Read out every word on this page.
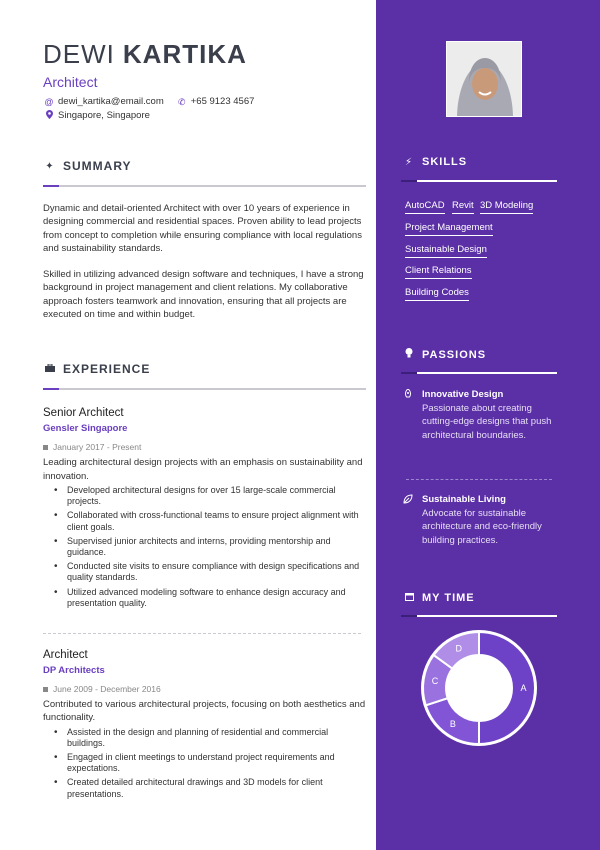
DEWI KARTIKA
Architect
@ dewi_kartika@email.com ✆ +65 9123 4567
Singapore, Singapore
✦ SUMMARY

Dynamic and detail-oriented Architect with over 10 years of experience in designing commercial and residential spaces. Proven ability to lead projects from concept to completion while ensuring compliance with local regulations and sustainability standards.

Skilled in utilizing advanced design software and techniques, I have a strong background in project management and client relations. My collaborative approach fosters teamwork and innovation, ensuring that all projects are executed on time and within budget.

EXPERIENCE
Senior Architect
Gensler Singapore
January 2017 - Present

Leading architectural design projects with an emphasis on sustainability and innovation.

• Developed architectural designs for over 15 large-scale commercial projects.
• Collaborated with cross-functional teams to ensure project alignment with client goals.
• Supervised junior architects and interns, providing mentorship and guidance.
• Conducted site visits to ensure compliance with design specifications and quality standards.
• Utilized advanced modeling software to enhance design accuracy and presentation quality.
Architect
DP Architects
June 2009 - December 2016

Contributed to various architectural projects, focusing on both aesthetics and functionality.

• Assisted in the design and planning of residential and commercial buildings.
• Engaged in client meetings to understand project requirements and expectations.
• Created detailed architectural drawings and 3D models for client presentations.
⚡ SKILLS
AutoCAD Revit 3D Modeling
Project Management
Sustainable Design
Client Relations
Building Codes
PASSIONS
Innovative Design
Passionate about creating cutting-edge designs that push architectural boundaries.
Sustainable Living
Advocate for sustainable architecture and eco-friendly building practices.
MY TIME
A
B
C
D
